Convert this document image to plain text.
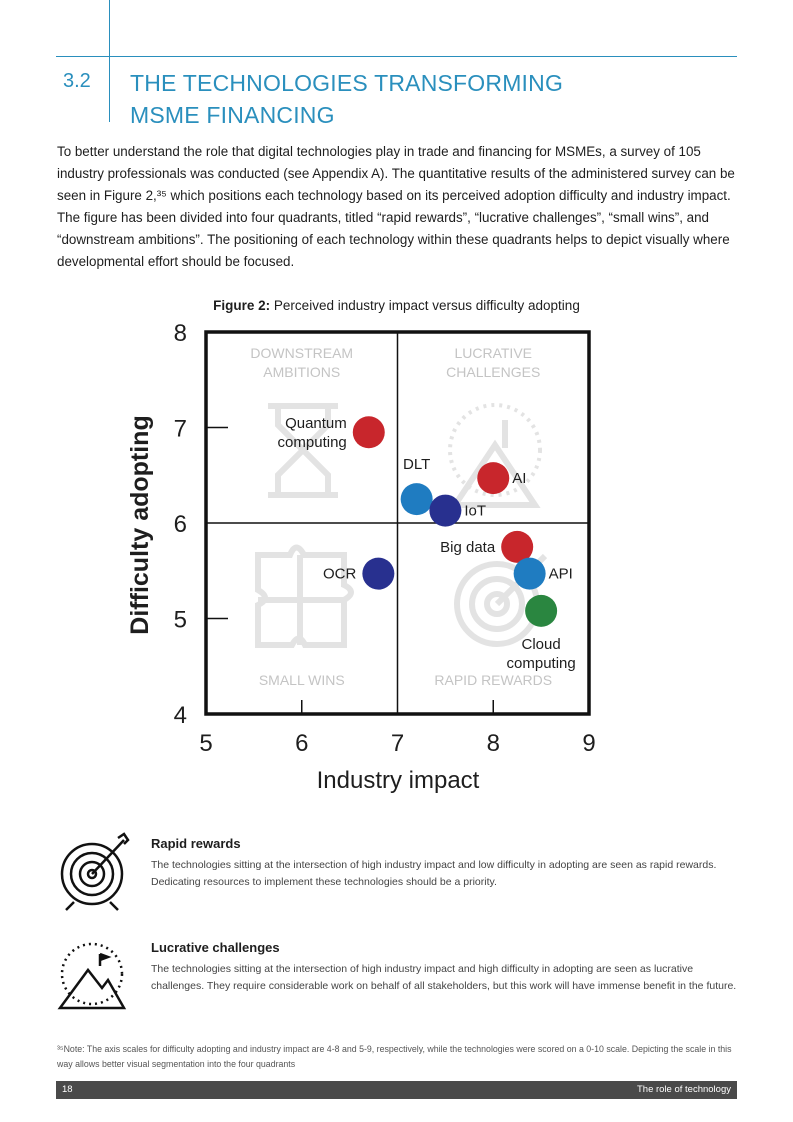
3.2 THE TECHNOLOGIES TRANSFORMING
MSME FINANCING
To better understand the role that digital technologies play in trade and financing for MSMEs, a survey of 105 industry professionals was conducted (see Appendix A). The quantitative results of the administered survey can be seen in Figure 2,³⁵ which positions each technology based on its perceived adoption difficulty and industry impact. The figure has been divided into four quadrants, titled “rapid rewards”, “lucrative challenges”, “small wins”, and “downstream ambitions”. The positioning of each technology within these quadrants helps to depict visually where developmental effort should be focused.
Figure 2: Perceived industry impact versus difficulty adopting
DOWNSTREAM
AMBITIONS
LUCRATIVE
CHALLENGES
SMALL WINS	RAPID REWARDS
Quantum
computing
AI
DLT
IoT
OCR
Big data
API
Cloud
computing
5	6	7	8	9
4
5
6
7
8
Industry impact
Difficulty adopting
Rapid rewards

The technologies sitting at the intersection of high industry impact and low difficulty in adopting are seen as rapid rewards. Dedicating resources to implement these technologies should be a priority.

Lucrative challenges

The technologies sitting at the intersection of high industry impact and high difficulty in adopting are seen as lucrative challenges. They require considerable work on behalf of all stakeholders, but this work will have immense benefit in the future.

³⁵Note: The axis scales for difficulty adopting and industry impact are 4-8 and 5-9, respectively, while the technologies were scored on a 0-10 scale. Depicting the scale in this way allows better visual segmentation into the four quadrants
18	The role of technology
